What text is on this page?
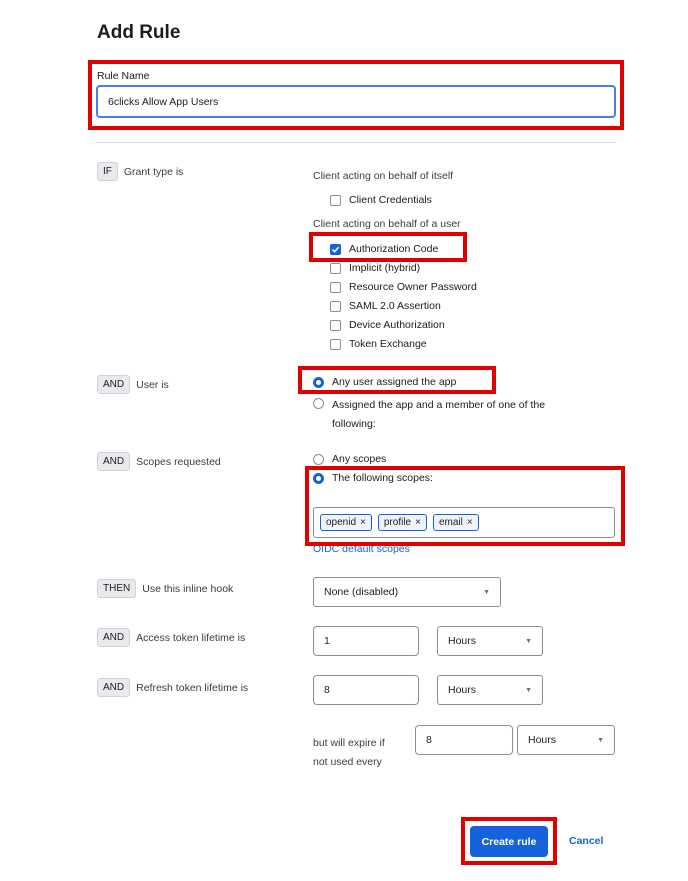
Add Rule
Rule Name
6clicks Allow App Users
IF	Grant type is	Client acting on behalf of itself
Client Credentials
Client acting on behalf of a user
Authorization Code
Implicit (hybrid)
Resource Owner Password
SAML 2.0 Assertion
Device Authorization
Token Exchange
AND	User is	Any user assigned the app
Assigned the app and a member of one of the following:
AND	Scopes requested	Any scopes
The following scopes:
openid × profile × email ×
OIDC default scopes
THEN	Use this inline hook	None (disabled)	▼
AND	Access token lifetime is	1	Hours	▼
AND	Refresh token lifetime is	8	Hours	▼
but will expire if
not used every
8	Hours	▼
Create rule	Cancel
